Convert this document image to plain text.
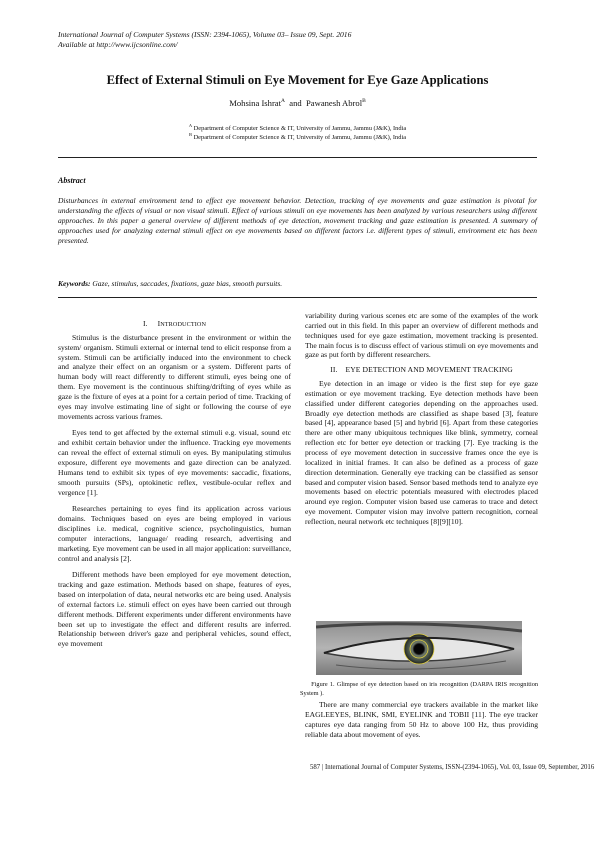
International Journal of Computer Systems (ISSN: 2394-1065), Volume 03– Issue 09, Sept. 2016
Available at http://www.ijcsonline.com/
Effect of External Stimuli on Eye Movement for Eye Gaze Applications
Mohsina Ishrat$^A$ and Pawanesh Abrol$^B$
$^A$ Department of Computer Science & IT, University of Jammu, Jammu (J&K), India
$^B$ Department of Computer Science & IT, University of Jammu, Jammu (J&K), India
Abstract
Disturbances in external environment tend to effect eye movement behavior. Detection, tracking of eye movements and gaze estimation is pivotal for understanding the effects of visual or non visual stimuli. Effect of various stimuli on eye movements has been analyzed by various researchers using different approaches. In this paper a general overview of different methods of eye detection, movement tracking and gaze estimation is presented. A summary of approaches used for analyzing external stimuli effect on eye movements based on different factors i.e. different types of stimuli, environment etc has been presented.
Keywords: Gaze, stimulus, saccades, fixations, gaze bias, smooth pursuits.
I. INTRODUCTION

Stimulus is the disturbance present in the environment or within the system/ organism. Stimuli external or internal tend to elicit response from a system. Stimuli can be artificially induced into the environment to check and analyze their effect on an organism or a system. Different parts of human body will react differently to different stimuli, eyes being one of them. Eye movement is the continuous shifting/drifting of eyes while as gaze is the fixture of eyes at a point for a certain period of time. Tracking of eyes may involve estimating line of sight or following the course of eye movements across various frames.

Eyes tend to get affected by the external stimuli e.g. visual, sound etc and exhibit certain behavior under the influence. Tracking eye movements can reveal the effect of external stimuli on eyes. By manipulating stimulus exposure, different eye movements and gaze direction can be analyzed. Humans tend to exhibit six types of eye movements: saccadic, fixations, smooth pursuits (SPs), optokinetic reflex, vestibule-ocular reflex and vergence [1].

Researches pertaining to eyes find its application across various domains. Techniques based on eyes are being employed in various disciplines i.e. medical, cognitive science, psycholinguistics, human computer interactions, language/ reading research, advertising and marketing. Eye movement can be used in all major application: surveillance, control and analysis [2].

Different methods have been employed for eye movement detection, tracking and gaze estimation. Methods based on shape, features of eyes, based on interpolation of data, neural networks etc are being used. Analysis of external factors i.e. stimuli effect on eyes have been carried out through different methods. Different experiments under different environments have been set up to investigate the effect and different results are inferred. Relationship between driver's gaze and peripheral vehicles, sound effect, eye movement

variability during various scenes etc are some of the examples of the work carried out in this field. In this paper an overview of different methods and techniques used for eye gaze estimation, movement tracking is presented. The main focus is to discuss effect of various stimuli on eye movements and gaze as put forth by different researchers.

II. EYE DETECTION AND MOVEMENT TRACKING

Eye detection in an image or video is the first step for eye gaze estimation or eye movement tracking. Eye detection methods have been classified under different categories depending on the approaches used. Broadly eye detection methods are classified as shape based [3], feature based [4], appearance based [5] and hybrid [6]. Apart from these categories there are other many ubiquitous techniques like blink, symmetry, corneal reflection etc for better eye detection or tracking [7]. Eye tracking is the process of eye movement detection in successive frames once the eye is localized in initial frames. It can also be defined as a process of gaze direction determination. Generally eye tracking can be classified as sensor based and computer vision based. Sensor based methods tend to analyze eye movements based on electric potentials measured with electrodes placed around eye region. Computer vision based use cameras to trace and detect eye movement. Computer vision may involve pattern recognition, corneal reflection, neural network etc techniques [8][9][10].

Figure 1. Glimpse of eye detection based on iris recognition (DARPA IRIS recognition System ).

There are many commercial eye trackers available in the market like EAGLEEYES, BLINK, SMI, EYELINK and TOBII [11]. The eye tracker captures eye data ranging from 50 Hz to above 100 Hz, thus providing reliable data about movement of eyes.

587 | International Journal of Computer Systems, ISSN-(2394-1065), Vol. 03, Issue 09, September, 2016
